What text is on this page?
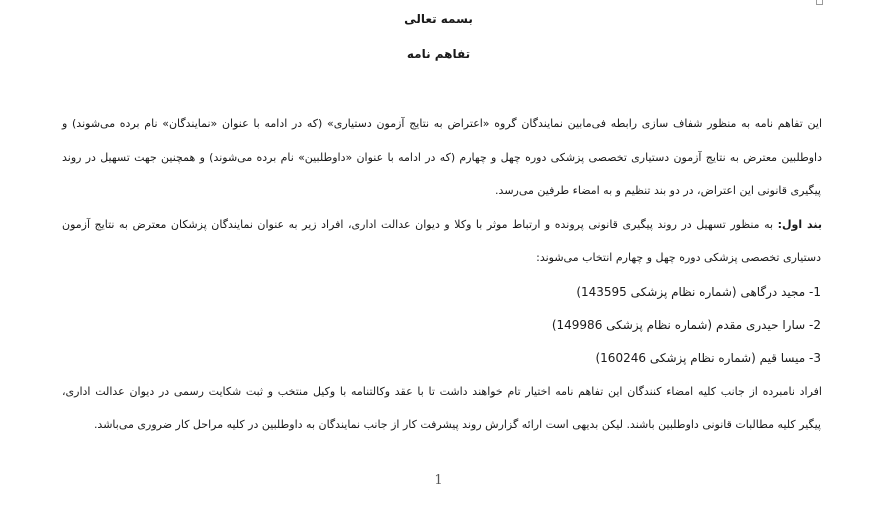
بسمه تعالی
تفاهم نامه
این تفاهم نامه به منظور شفاف سازی رابطه فی‌مابین نمایندگان گروه «اعتراض به نتایج آزمون دستیاری» (که در ادامه با عنوان «نمایندگان» نام برده می‌شوند) و
داوطلبین معترض به نتایج آزمون دستیاری تخصصی پزشکی دوره چهل و چهارم (که در ادامه با عنوان «داوطلبین» نام برده می‌شوند) و همچنین جهت تسهیل در روند
پیگیری قانونی این اعتراض، در دو بند تنظیم و به امضاء طرفین می‌رسد.
بند اول: به منظور تسهیل در روند پیگیری قانونی پرونده و ارتباط موثر با وکلا و دیوان عدالت اداری، افراد زیر به عنوان نمایندگان پزشکان معترض به نتایج آزمون
دستیاری تخصصی پزشکی دوره چهل و چهارم انتخاب می‌شوند:
1- مجید درگاهی (شماره نظام پزشکی 143595)
2- سارا حیدری مقدم (شماره نظام پزشکی 149986)
3- میسا قیم (شماره نظام پزشکی 160246)
افراد نامبرده از جانب کلیه امضاء کنندگان این تفاهم نامه اختیار تام خواهند داشت تا با عقد وکالتنامه با وکیل منتخب و ثبت شکایت رسمی در دیوان عدالت اداری،
پیگیر کلیه مطالبات قانونی داوطلبین باشند. لیکن بدیهی است ارائه گزارش روند پیشرفت کار از جانب نمایندگان به داوطلبین در کلیه مراحل کار ضروری می‌باشد.
1
